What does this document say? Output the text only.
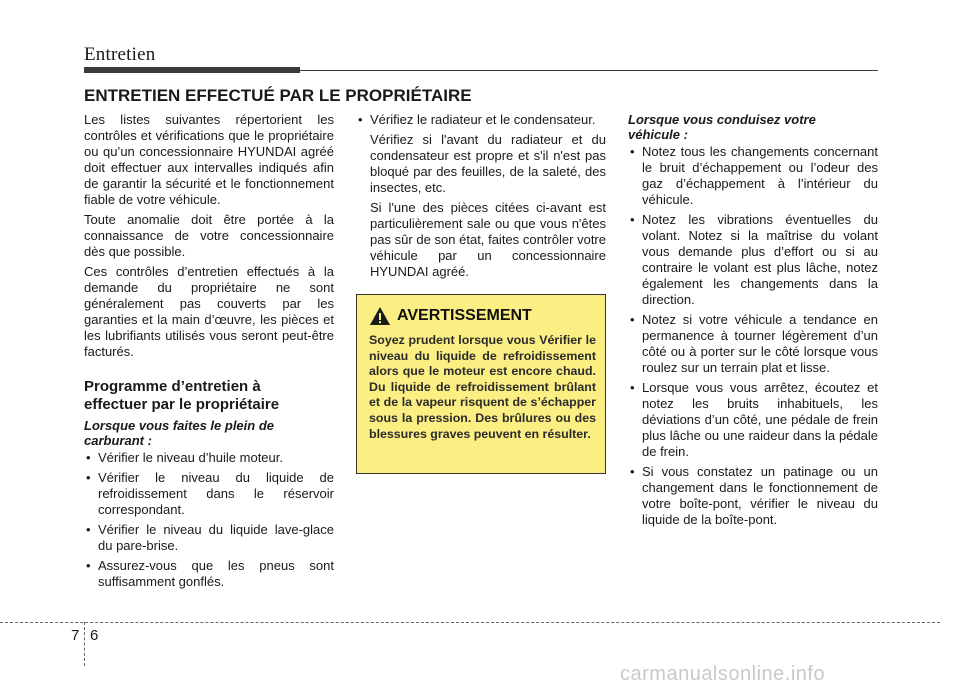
Entretien
ENTRETIEN EFFECTUÉ PAR LE PROPRIÉTAIRE

Les listes suivantes répertorient les contrôles et vérifications que le propriétaire ou qu’un concessionnaire HYUNDAI agréé doit effectuer aux intervalles indiqués afin de garantir la sécurité et le fonctionnement fiable de votre véhicule.

Toute anomalie doit être portée à la connaissance de votre concessionnaire dès que possible.

Ces contrôles d’entretien effectués à la demande du propriétaire ne sont généralement pas couverts par les garanties et la main d’œuvre, les pièces et les lubrifiants utilisés vous seront peut-être facturés.

Programme d’entretien à
effectuer par le propriétaire
Lorsque vous faites le plein de
carburant :
• Vérifier le niveau d’huile moteur.
• Vérifier le niveau du liquide de refroidissement dans le réservoir correspondant.
• Vérifier le niveau du liquide lave-glace du pare-brise.
• Assurez-vous que les pneus sont suffisamment gonflés.
• Vérifiez le radiateur et le condensateur.

Vérifiez si l'avant du radiateur et du condensateur est propre et s'il n'est pas bloqué par des feuilles, de la saleté, des insectes, etc.

Si l'une des pièces citées ci-avant est particulièrement sale ou que vous n'êtes pas sûr de son état, faites contrôler votre véhicule par un concessionnaire HYUNDAI agréé.

AVERTISSEMENT

Soyez prudent lorsque vous Vérifier le niveau du liquide de refroidissement alors que le moteur est encore chaud. Du liquide de refroidissement brûlant et de la vapeur risquent de s’échapper sous la pression. Des brûlures ou des blessures graves peuvent en résulter.

Lorsque vous conduisez votre
véhicule :
• Notez tous les changements concernant le bruit d’échappement ou l’odeur des gaz d’échappement à l’intérieur du véhicule.
• Notez les vibrations éventuelles du volant. Notez si la maîtrise du volant vous demande plus d’effort ou si au contraire le volant est plus lâche, notez également les changements dans la direction.
• Notez si votre véhicule a tendance en permanence à tourner légèrement d’un côté ou à porter sur le côté lorsque vous roulez sur un terrain plat et lisse.
• Lorsque vous vous arrêtez, écoutez et notez les bruits inhabituels, les déviations d’un côté, une pédale de frein plus lâche ou une raideur dans la pédale de frein.
• Si vous constatez un patinage ou un changement dans le fonctionnement de votre boîte-pont, vérifier le niveau du liquide de la boîte-pont.
7 6

carmanualsonline.info
